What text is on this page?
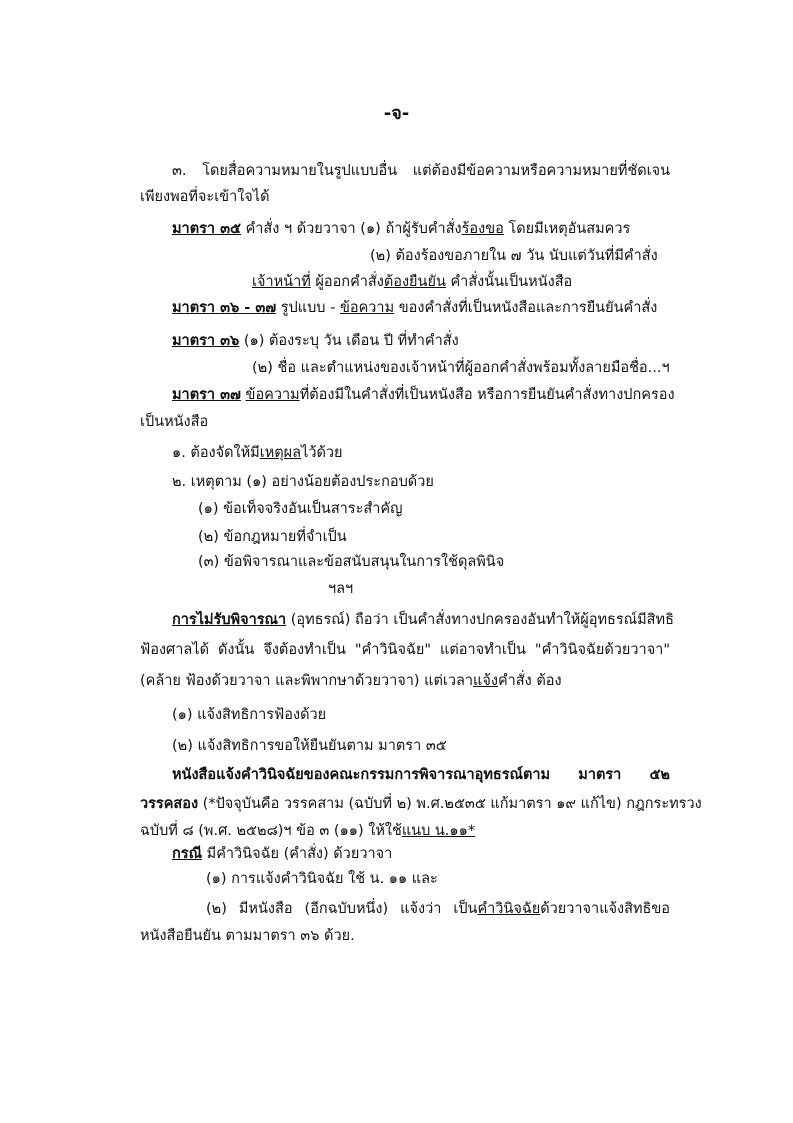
-จ-
๓. โดยสื่อความหมายในรูปแบบอื่น แต่ต้องมีข้อความหรือความหมายที่ชัดเจน
เพียงพอที่จะเข้าใจได้
มาตรา ๓๕ คำสั่ง ฯ ด้วยวาจา (๑) ถ้าผู้รับคำสั่งร้องขอ โดยมีเหตุอันสมควร
(๒) ต้องร้องขอภายใน ๗ วัน นับแต่วันที่มีคำสั่ง
เจ้าหน้าที่ ผู้ออกคำสั่งต้องยืนยัน คำสั่งนั้นเป็นหนังสือ
มาตรา ๓๖ - ๓๗ รูปแบบ - ข้อความ ของคำสั่งที่เป็นหนังสือและการยืนยันคำสั่ง
มาตรา ๓๖ (๑) ต้องระบุ วัน เดือน ปี ที่ทำคำสั่ง
(๒) ชื่อ และตำแหน่งของเจ้าหน้าที่ผู้ออกคำสั่งพร้อมทั้งลายมือชื่อ...ฯ
มาตรา ๓๗ ข้อความที่ต้องมีในคำสั่งที่เป็นหนังสือ หรือการยืนยันคำสั่งทางปกครอง
เป็นหนังสือ
๑. ต้องจัดให้มีเหตุผลไว้ด้วย
๒. เหตุตาม (๑) อย่างน้อยต้องประกอบด้วย
(๑) ข้อเท็จจริงอันเป็นสาระสำคัญ
(๒) ข้อกฎหมายที่จำเป็น
(๓) ข้อพิจารณาและข้อสนับสนุนในการใช้ดุลพินิจ
ฯลฯ
การไม่รับพิจารณา (อุทธรณ์) ถือว่า เป็นคำสั่งทางปกครองอันทำให้ผู้อุทธรณ์มีสิทธิ
ฟ้องศาลได้ ดังนั้น จึงต้องทำเป็น "คำวินิจฉัย" แต่อาจทำเป็น "คำวินิจฉัยด้วยวาจา"
(คล้าย ฟ้องด้วยวาจา และพิพากษาด้วยวาจา) แต่เวลาแจ้งคำสั่ง ต้อง
(๑) แจ้งสิทธิการฟ้องด้วย
(๒) แจ้งสิทธิการขอให้ยืนยันตาม มาตรา ๓๕
หนังสือแจ้งคำวินิจฉัยของคณะกรรมการพิจารณาอุทธรณ์ตาม มาตรา ๕๒
วรรคสอง (*ปัจจุบันคือ วรรคสาม (ฉบับที่ ๒) พ.ศ.๒๕๓๕ แก้มาตรา ๑๙ แก้ไข) กฎกระทรวง
ฉบับที่ ๘ (พ.ศ. ๒๕๒๘)ฯ ข้อ ๓ (๑๑) ให้ใช้แนบ น.๑๑*
กรณี มีคำวินิจฉัย (คำสั่ง) ด้วยวาจา
(๑) การแจ้งคำวินิจฉัย ใช้ น. ๑๑ และ
(๒) มีหนังสือ (อีกฉบับหนึ่ง) แจ้งว่า เป็นคำวินิจฉัยด้วยวาจาแจ้งสิทธิขอ
หนังสือยืนยัน ตามมาตรา ๓๖ ด้วย.
